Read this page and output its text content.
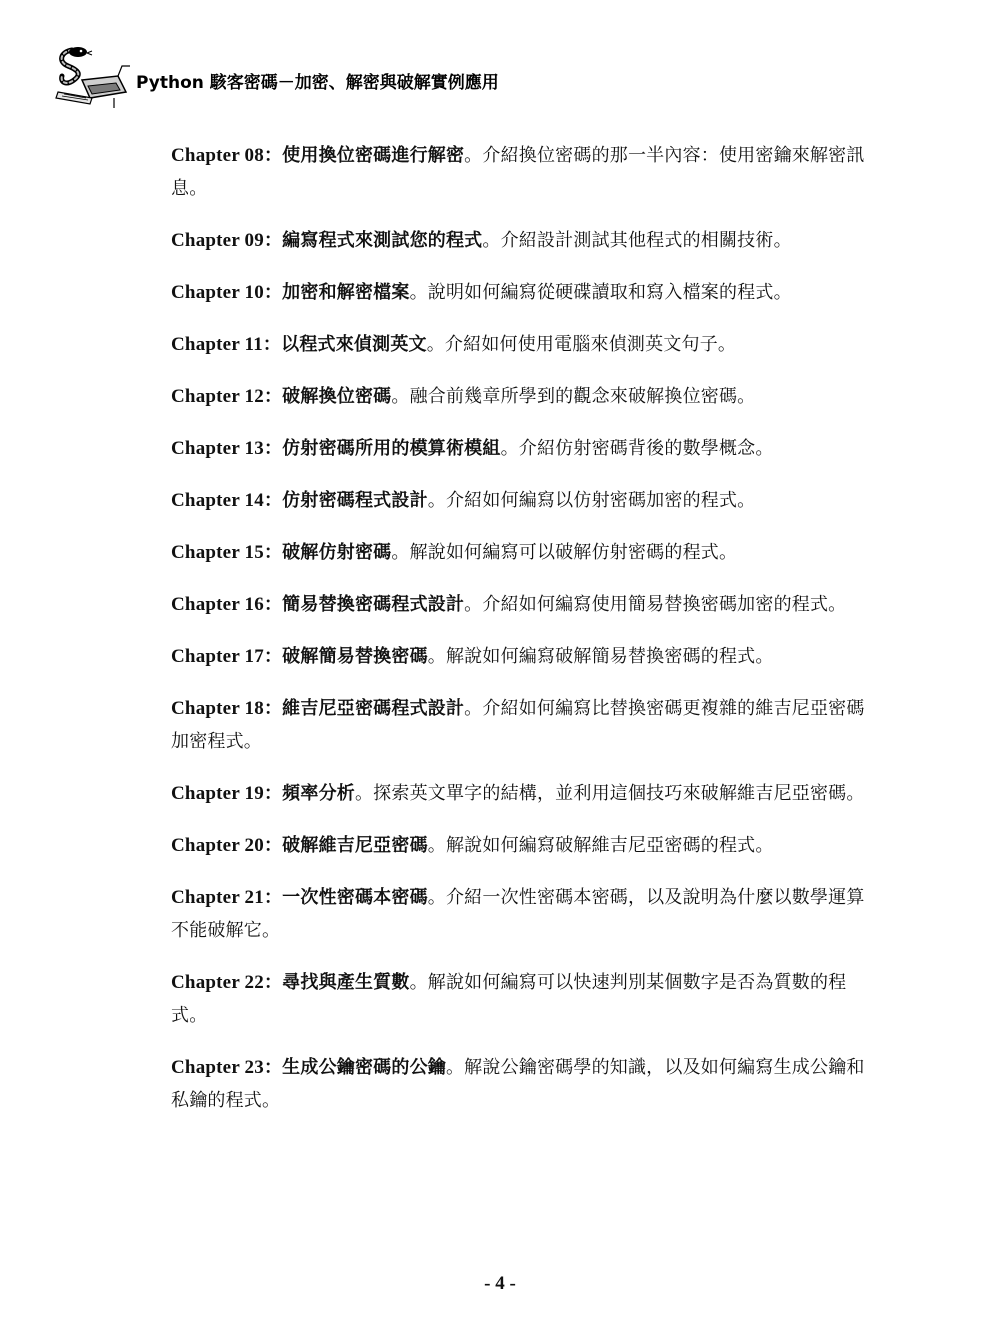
Python 駭客密碼－加密、解密與破解實例應用

Chapter 08：使用換位密碼進行解密。介紹換位密碼的那一半內容：使用密鑰來解密訊息。

Chapter 09：編寫程式來測試您的程式。介紹設計測試其他程式的相關技術。

Chapter 10：加密和解密檔案。說明如何編寫從硬碟讀取和寫入檔案的程式。

Chapter 11：以程式來偵測英文。介紹如何使用電腦來偵測英文句子。

Chapter 12：破解換位密碼。融合前幾章所學到的觀念來破解換位密碼。

Chapter 13：仿射密碼所用的模算術模組。介紹仿射密碼背後的數學概念。

Chapter 14：仿射密碼程式設計。介紹如何編寫以仿射密碼加密的程式。

Chapter 15：破解仿射密碼。解說如何編寫可以破解仿射密碼的程式。

Chapter 16：簡易替換密碼程式設計。介紹如何編寫使用簡易替換密碼加密的程式。

Chapter 17：破解簡易替換密碼。解說如何編寫破解簡易替換密碼的程式。

Chapter 18：維吉尼亞密碼程式設計。介紹如何編寫比替換密碼更複雜的維吉尼亞密碼加密程式。

Chapter 19：頻率分析。探索英文單字的結構，並利用這個技巧來破解維吉尼亞密碼。

Chapter 20：破解維吉尼亞密碼。解說如何編寫破解維吉尼亞密碼的程式。

Chapter 21：一次性密碼本密碼。介紹一次性密碼本密碼，以及說明為什麼以數學運算不能破解它。

Chapter 22：尋找與產生質數。解說如何編寫可以快速判別某個數字是否為質數的程式。

Chapter 23：生成公鑰密碼的公鑰。解說公鑰密碼學的知識，以及如何編寫生成公鑰和私鑰的程式。

- 4 -
